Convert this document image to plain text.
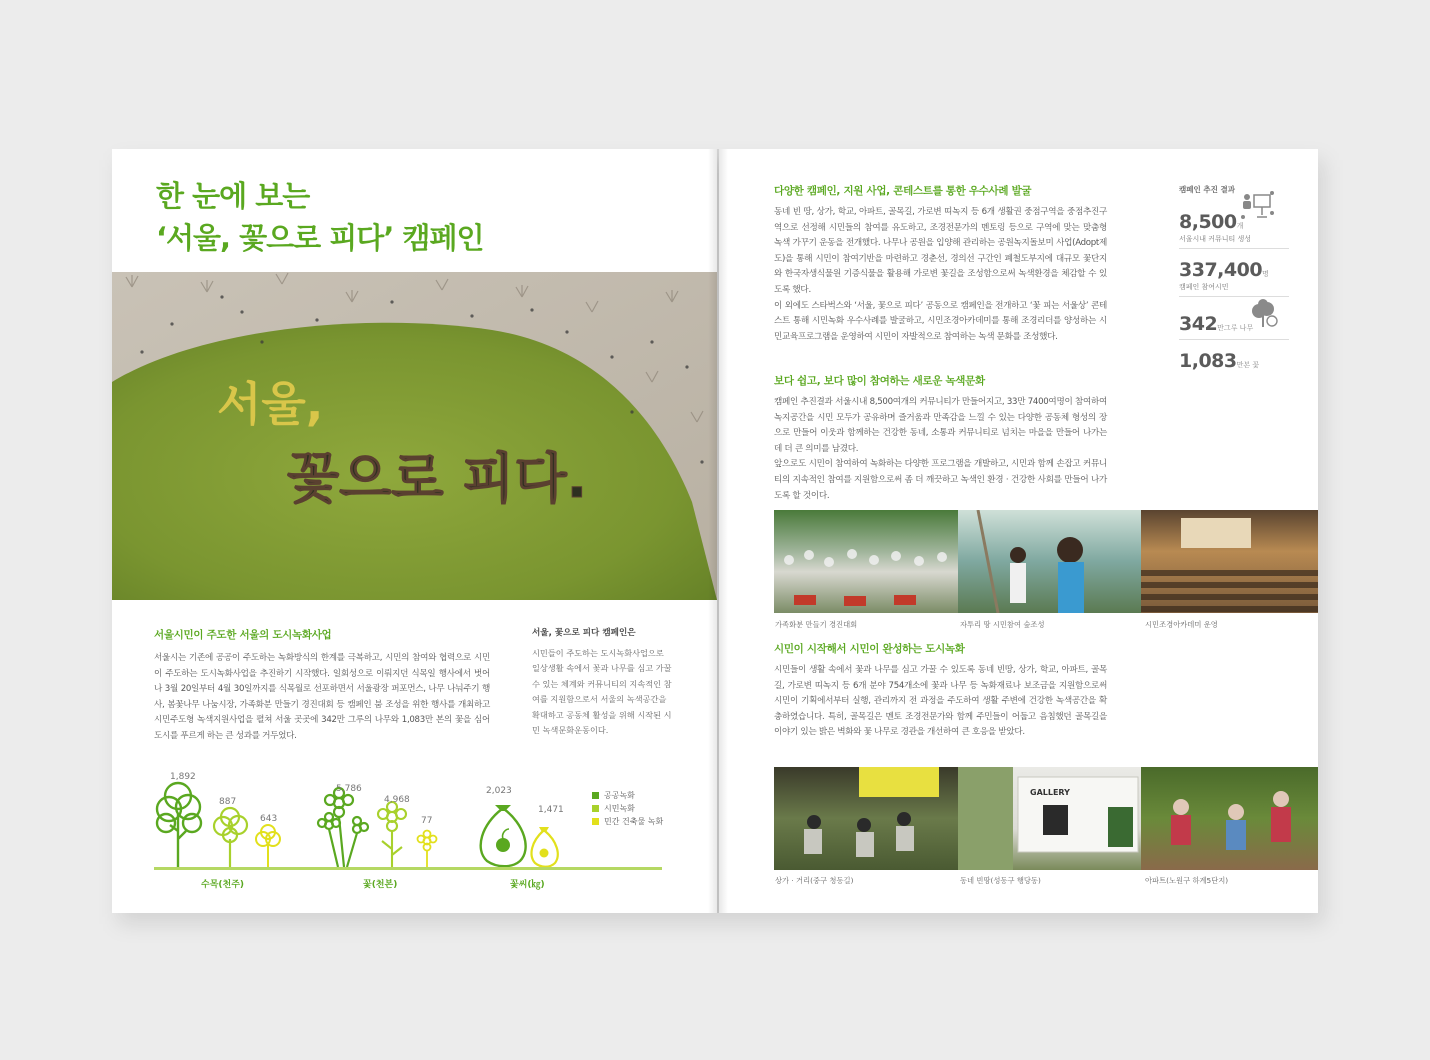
한 눈에 보는
‘서울, 꽃으로 피다’ 캠페인
서울,
꽃으로 피다.
서울시민이 주도한 서울의 도시녹화사업
서울시는 기존에 공공이 주도하는 녹화방식의 한계를 극복하고, 시민의 참여와 협력으로 시민이 주도하는 도시녹화사업을 추진하기 시작했다. 일회성으로 이뤄지던 식목일 행사에서 벗어나 3월 20일부터 4월 30일까지를 식목월로 선포하면서 서울광장 퍼포먼스, 나무 나눠주기 행사, 봄꽃나무 나눔시장, 가족화분 만들기 경진대회 등 캠페인 붐 조성을 위한 행사를 개최하고 시민주도형 녹색지원사업을 펼쳐 서울 곳곳에 342만 그루의 나무와 1,083만 본의 꽃을 심어 도시를 푸르게 하는 큰 성과를 거두었다.
서울, 꽃으로 피다 캠페인은
시민들이 주도하는 도시녹화사업으로 일상생활 속에서 꽃과 나무를 심고 가꿀 수 있는 체계와 커뮤니티의 지속적인 참여를 지원함으로서 서울의 녹색공간을 확대하고 공동체 활성을 위해 시작된 시민 녹색문화운동이다.
1,892
887
643
5,786
4,968
77
2,023
1,471
수목(천주)	꽃(천본)	꽃씨(㎏)
공공녹화
시민녹화
민간 건축물 녹화
다양한 캠페인, 지원 사업, 콘테스트를 통한 우수사례 발굴
동네 빈 땅, 상가, 학교, 아파트, 골목길, 가로변 띠녹지 등 6개 생활권 중점구역을 중점추진구역으로 선정해 시민들의 참여를 유도하고, 조경전문가의 멘토링 등으로 구역에 맞는 맞춤형 녹색 가꾸기 운동을 전개했다. 나무나 공원을 입양해 관리하는 공원녹지돌보미 사업(Adopt제도)을 통해 시민이 참여기반을 마련하고 경춘선, 경의선 구간인 폐철도부지에 대규모 꽃단지와 한국자생식물원 기증식물을 활용해 가로변 꽃길을 조성함으로써 녹색환경을 체감할 수 있도록 했다.
이 외에도 스타벅스와 ‘서울, 꽃으로 피다’ 공동으로 캠페인을 전개하고 ‘꽃 피는 서울상’ 콘테스트 통해 시민녹화 우수사례를 발굴하고, 시민조경아카데미를 통해 조경리더를 양성하는 시민교육프로그램을 운영하여 시민이 자발적으로 참여하는 녹색 문화를 조성했다.
보다 쉽고, 보다 많이 참여하는 새로운 녹색문화
캠페인 추진결과 서울시내 8,500여개의 커뮤니티가 만들어지고, 33만 7400여명이 참여하여 녹지공간을 시민 모두가 공유하며 즐거움과 만족감을 느낄 수 있는 다양한 공동체 형성의 장으로 만들어 이웃과 함께하는 건강한 동네, 소통과 커뮤니티로 넘치는 마을을 만들어 나가는데 더 큰 의미를 남겼다.
앞으로도 시민이 참여하여 녹화하는 다양한 프로그램을 개발하고, 시민과 함께 손잡고 커뮤니티의 지속적인 참여를 지원함으로써 좀 더 깨끗하고 녹색인 환경 · 건강한 사회를 만들어 나가도록 할 것이다.
가족화분 만들기 경진대회	자투리 땅 시민참여 숲조성	시민조경아카데미 운영
시민이 시작해서 시민이 완성하는 도시녹화
시민들이 생활 속에서 꽃과 나무를 심고 가꿀 수 있도록 동네 빈땅, 상가, 학교, 아파트, 골목길, 가로변 띠녹지 등 6개 분야 754개소에 꽃과 나무 등 녹화재료나 보조금을 지원함으로써 시민이 기획에서부터 실행, 관리까지 전 과정을 주도하여 생활 주변에 건강한 녹색공간을 확충하였습니다. 특히, 골목길은 멘토 조경전문가와 함께 주민들이 어둡고 음침했던 골목길을 이야기 있는 밝은 벽화와 꽃 나무로 경관을 개선하여 큰 호응을 받았다.
GALLERY
상가 · 거리(중구 청동길)	동네 빈땅(성동구 행당동)	아파트(노원구 하계5단지)
캠페인 추진 결과
8,500개
서울시내 커뮤니티 생성
337,400명
캠페인 참여시민
342만그루 나무
1,083만본 꽃
